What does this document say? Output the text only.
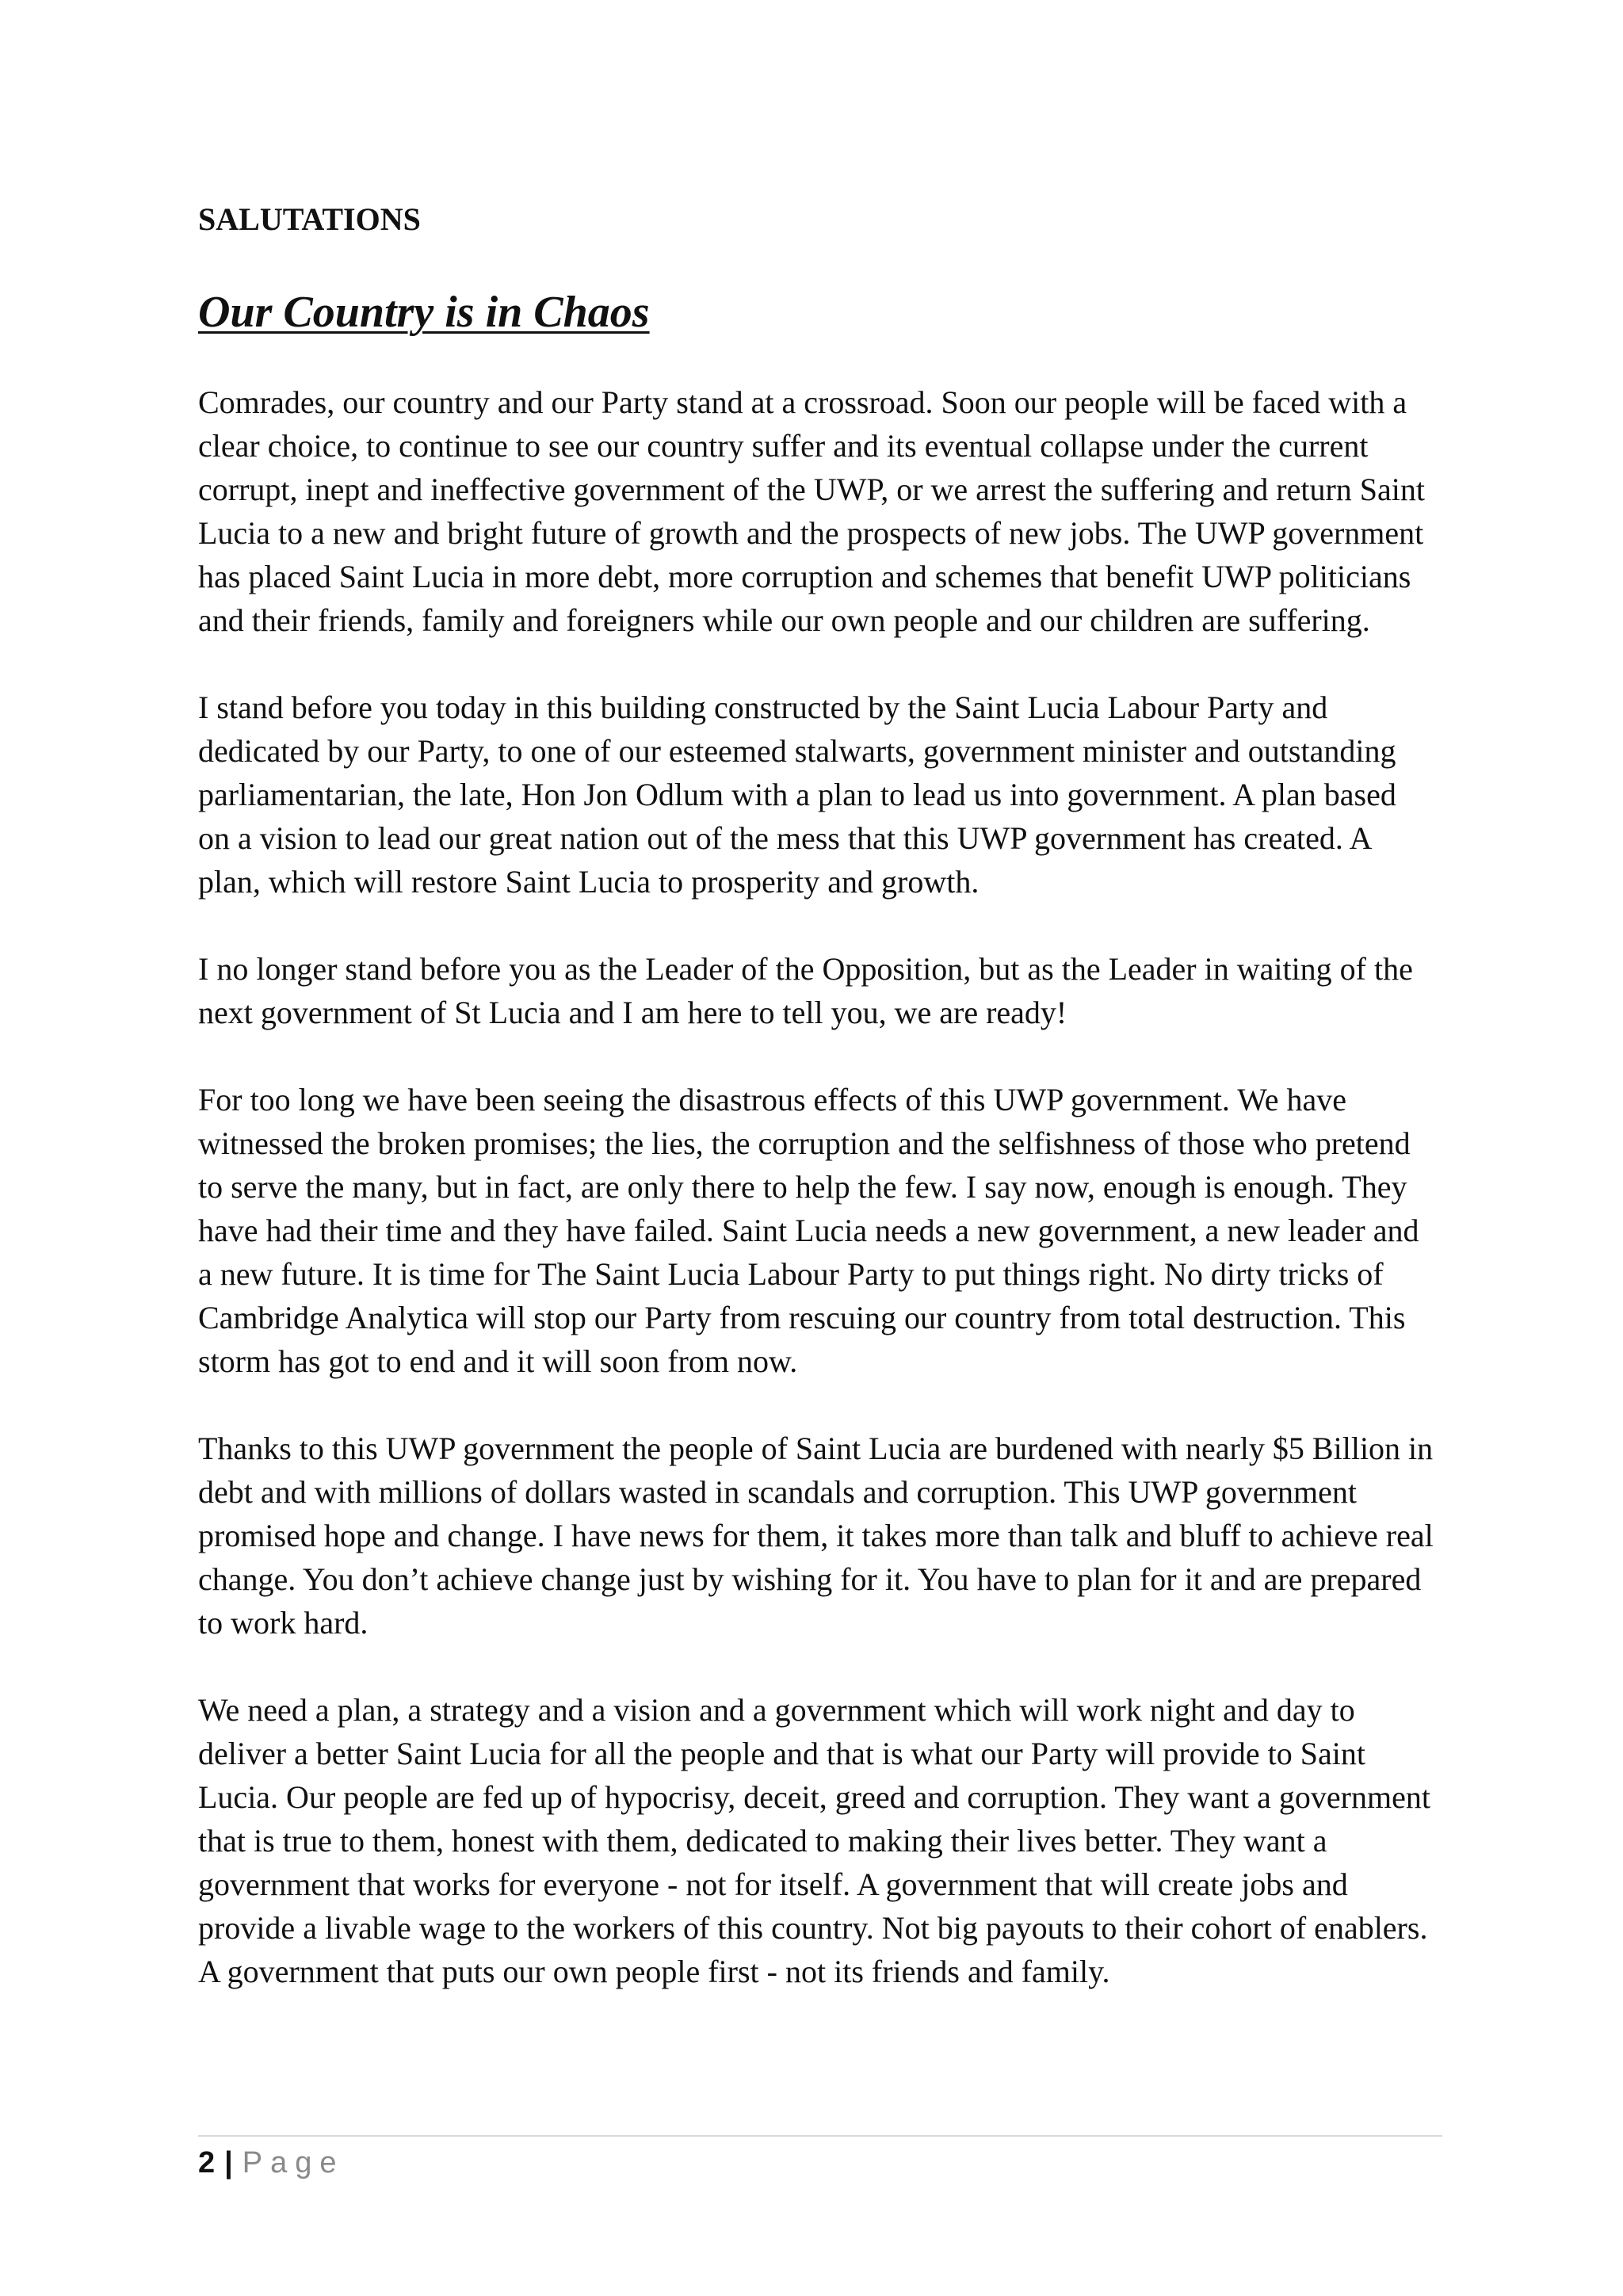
SALUTATIONS
Our Country is in Chaos

Comrades, our country and our Party stand at a crossroad. Soon our people will be faced with a clear choice, to continue to see our country suffer and its eventual collapse under the current corrupt, inept and ineffective government of the UWP, or we arrest the suffering and return Saint Lucia to a new and bright future of growth and the prospects of new jobs. The UWP government has placed Saint Lucia in more debt, more corruption and schemes that benefit UWP politicians and their friends, family and foreigners while our own people and our children are suffering.

I stand before you today in this building constructed by the Saint Lucia Labour Party and dedicated by our Party, to one of our esteemed stalwarts, government minister and outstanding parliamentarian, the late, Hon Jon Odlum with a plan to lead us into government. A plan based on a vision to lead our great nation out of the mess that this UWP government has created. A plan, which will restore Saint Lucia to prosperity and growth.

I no longer stand before you as the Leader of the Opposition, but as the Leader in waiting of the next government of St Lucia and I am here to tell you, we are ready!

For too long we have been seeing the disastrous effects of this UWP government. We have witnessed the broken promises; the lies, the corruption and the selfishness of those who pretend to serve the many, but in fact, are only there to help the few. I say now, enough is enough. They have had their time and they have failed. Saint Lucia needs a new government, a new leader and a new future. It is time for The Saint Lucia Labour Party to put things right. No dirty tricks of Cambridge Analytica will stop our Party from rescuing our country from total destruction. This storm has got to end and it will soon from now.

Thanks to this UWP government the people of Saint Lucia are burdened with nearly $5 Billion in debt and with millions of dollars wasted in scandals and corruption. This UWP government promised hope and change. I have news for them, it takes more than talk and bluff to achieve real change. You don’t achieve change just by wishing for it. You have to plan for it and are prepared to work hard.

We need a plan, a strategy and a vision and a government which will work night and day to deliver a better Saint Lucia for all the people and that is what our Party will provide to Saint Lucia. Our people are fed up of hypocrisy, deceit, greed and corruption. They want a government that is true to them, honest with them, dedicated to making their lives better. They want a government that works for everyone - not for itself. A government that will create jobs and provide a livable wage to the workers of this country. Not big payouts to their cohort of enablers. A government that puts our own people first - not its friends and family.

2 | Page
